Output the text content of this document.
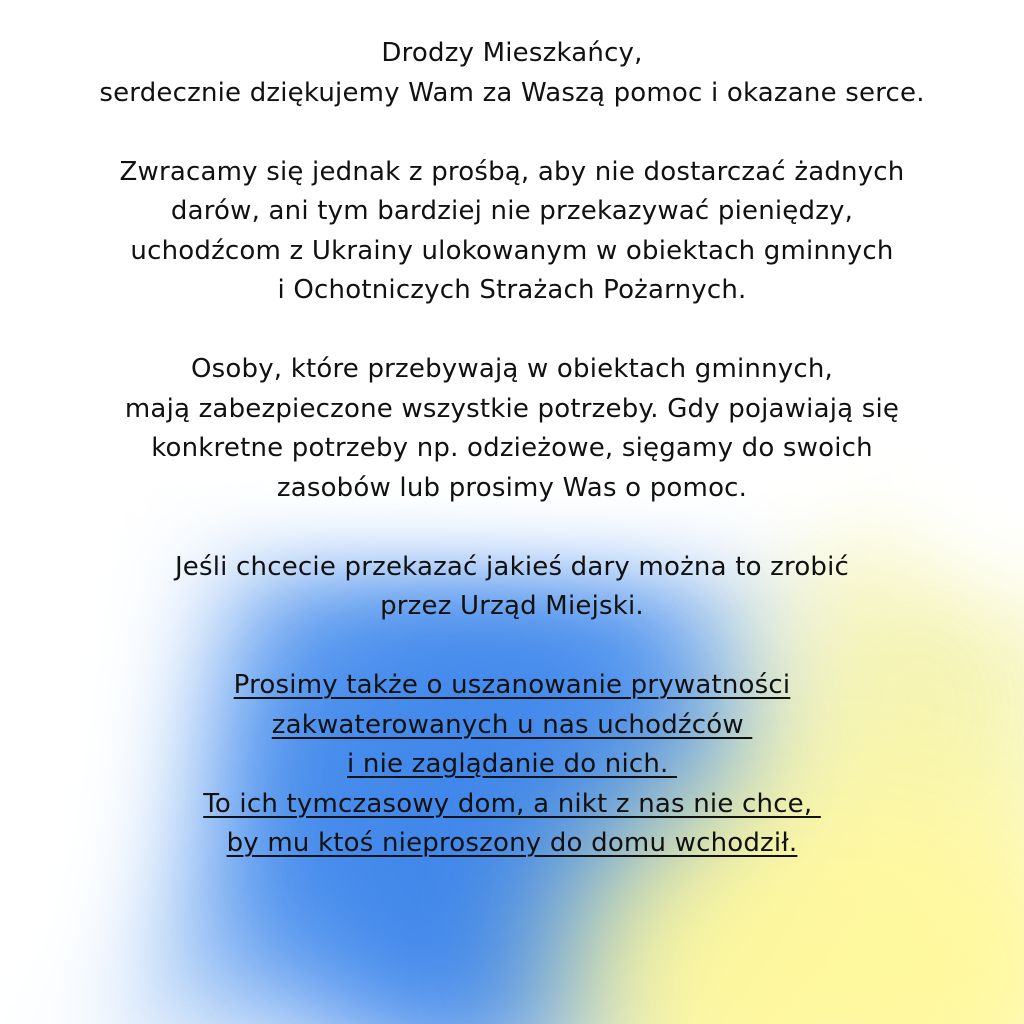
Drodzy Mieszkańcy,

serdecznie dziękujemy Wam za Waszą pomoc i okazane serce.

Zwracamy się jednak z prośbą, aby nie dostarczać żadnych
darów, ani tym bardziej nie przekazywać pieniędzy,
uchodźcom z Ukrainy ulokowanym w obiektach gminnych
i Ochotniczych Strażach Pożarnych.

Osoby, które przebywają w obiektach gminnych,
mają zabezpieczone wszystkie potrzeby. Gdy pojawiają się
konkretne potrzeby np. odzieżowe, sięgamy do swoich
zasobów lub prosimy Was o pomoc.

Jeśli chcecie przekazać jakieś dary można to zrobić
przez Urząd Miejski.

Prosimy także o uszanowanie prywatności
zakwaterowanych u nas uchodźców
i nie zaglądanie do nich.
To ich tymczasowy dom, a nikt z nas nie chce,
by mu ktoś nieproszony do domu wchodził.
